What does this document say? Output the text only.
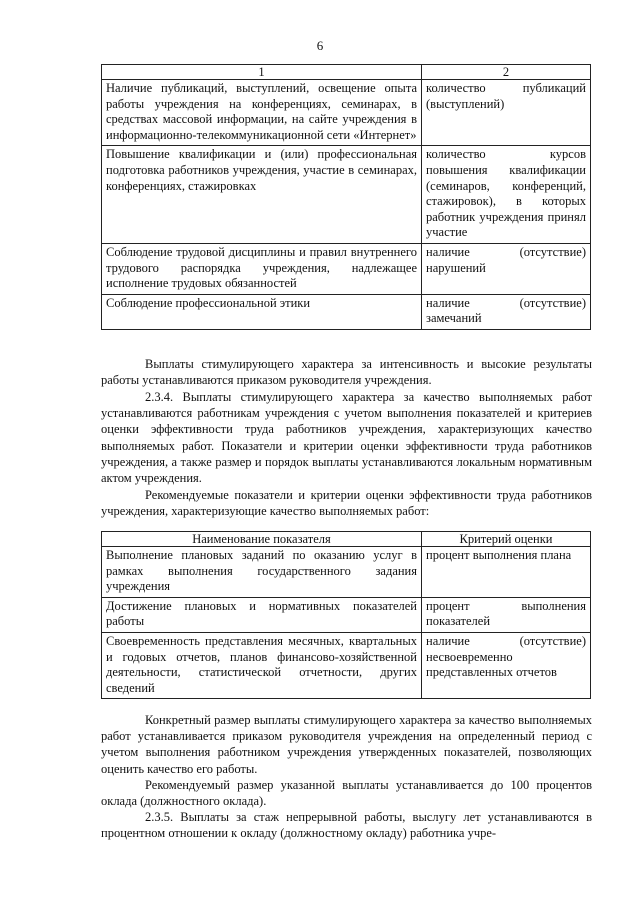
6
1	2
Наличие публикаций, выступлений, освещение опыта работы учреждения на конференциях, семинарах, в средствах массовой информации, на сайте учреждения в информационно-телекоммуникационной сети «Интернет»	количество публикаций (выступлений)
Повышение квалификации и (или) профессиональная подготовка работников учреждения, участие в семинарах, конференциях, стажировках	количество курсов повышения квалификации (семинаров, конференций, стажировок), в которых работник учреждения принял участие
Соблюдение трудовой дисциплины и правил внутреннего трудового распорядка учреждения, надлежащее исполнение трудовых обязанностей	наличие (отсутствие) нарушений
Соблюдение профессиональной этики	наличие (отсутствие) замечаний

Выплаты стимулирующего характера за интенсивность и высокие результаты работы устанавливаются приказом руководителя учреждения.

2.3.4. Выплаты стимулирующего характера за качество выполняемых работ устанавливаются работникам учреждения с учетом выполнения показателей и критериев оценки эффективности труда работников учреждения, характеризующих качество выполняемых работ. Показатели и критерии оценки эффективности труда работников учреждения, а также размер и порядок выплаты устанавливаются локальным нормативным актом учреждения.

Рекомендуемые показатели и критерии оценки эффективности труда работников учреждения, характеризующие качество выполняемых работ:

Наименование показателя	Критерий оценки
Выполнение плановых заданий по оказанию услуг в рамках выполнения государственного задания учреждения	процент выполнения плана
Достижение плановых и нормативных показателей работы	процент выполнения показателей
Своевременность представления месячных, квартальных и годовых отчетов, планов финансово-хозяйственной деятельности, статистической отчетности, других сведений	наличие (отсутствие) несвоевременно представленных отчетов

Конкретный размер выплаты стимулирующего характера за качество выполняемых работ устанавливается приказом руководителя учреждения на определенный период с учетом выполнения работником учреждения утвержденных показателей, позволяющих оценить качество его работы.

Рекомендуемый размер указанной выплаты устанавливается до 100 процентов оклада (должностного оклада).

2.3.5. Выплаты за стаж непрерывной работы, выслугу лет устанавливаются в процентном отношении к окладу (должностному окладу) работника учре-
